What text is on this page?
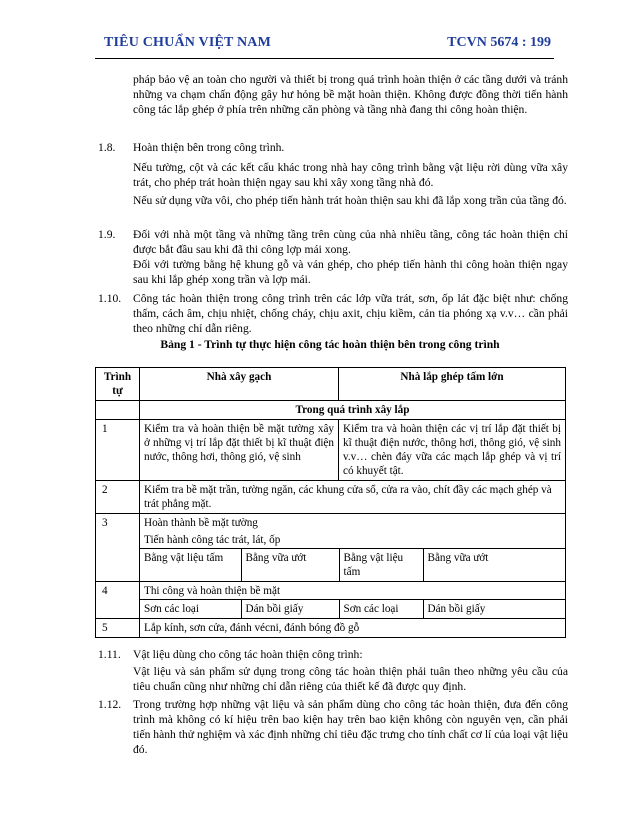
TIÊU CHUẨN VIỆT NAM	TCVN 5674 : 199

pháp bảo vệ an toàn cho người và thiết bị trong quá trình hoàn thiện ở các tầng dưới và tránh những va chạm chấn động gây hư hỏng bề mặt hoàn thiện. Không được đồng thời tiến hành công tác lắp ghép ở phía trên những căn phòng và tầng nhà đang thi công hoàn thiện.

1.8. Hoàn thiện bên trong công trình.

Nếu tường, cột và các kết cấu khác trong nhà hay công trình bằng vật liệu rời dùng vữa xây trát, cho phép trát hoàn thiện ngay sau khi xây xong tầng nhà đó.

Nếu sử dụng vữa vôi, cho phép tiến hành trát hoàn thiện sau khi đã lắp xong trần của tầng đó.

1.9. Đối với nhà một tầng và những tầng trên cùng của nhà nhiều tầng, công tác hoàn thiện chỉ được bắt đầu sau khi đã thi công lợp mái xong.

Đối với tường bằng hệ khung gỗ và ván ghép, cho phép tiến hành thi công hoàn thiện ngay sau khi lắp ghép xong trần và lợp mái.

1.10. Công tác hoàn thiện trong công trình trên các lớp vữa trát, sơn, ốp lát đặc biệt như: chống thấm, cách âm, chịu nhiệt, chống cháy, chịu axit, chịu kiềm, cản tia phóng xạ v.v… cần phải theo những chỉ dẫn riêng.

Bảng 1 - Trình tự thực hiện công tác hoàn thiện bên trong công trình
Trình tự	Nhà xây gạch	Nhà lắp ghép tấm lớn
	Trong quá trình xây lắp
1	Kiểm tra và hoàn thiện bề mặt tường xây ở những vị trí lắp đặt thiết bị kĩ thuật điện nước, thông hơi, thông gió, vệ sinh	Kiểm tra và hoàn thiện các vị trí lắp đặt thiết bị kĩ thuật điện nước, thông hơi, thông gió, vệ sinh v.v… chèn đáy vữa các mạch lắp ghép và vị trí có khuyết tật.
2	Kiểm tra bề mặt trần, tường ngăn, các khung cửa sổ, cửa ra vào, chít đầy các mạch ghép và trát phẳng mặt.
3	Hoàn thành bề mặt tường
Tiến hành công tác trát, lát, ốp
Bằng vật liệu tấm	Bằng vữa ướt	Bằng vật liệu tấm	Bằng vữa ướt

4	Thi công và hoàn thiện bề mặt
Sơn các loại	Dán bồi giấy	Sơn các loại	Dán bồi giấy

5	Lắp kính, sơn cửa, đánh vécni, đánh bóng đồ gỗ
1.11. Vật liệu dùng cho công tác hoàn thiện công trình:

Vật liệu và sản phẩm sử dụng trong công tác hoàn thiện phải tuân theo những yêu cầu của tiêu chuẩn cũng như những chỉ dẫn riêng của thiết kế đã được quy định.

1.12. Trong trường hợp những vật liệu và sản phẩm dùng cho công tác hoàn thiện, đưa đến công trình mà không có kí hiệu trên bao kiện hay trên bao kiện không còn nguyên vẹn, cần phải tiến hành thử nghiệm và xác định những chỉ tiêu đặc trưng cho tính chất cơ lí của loại vật liệu đó.
